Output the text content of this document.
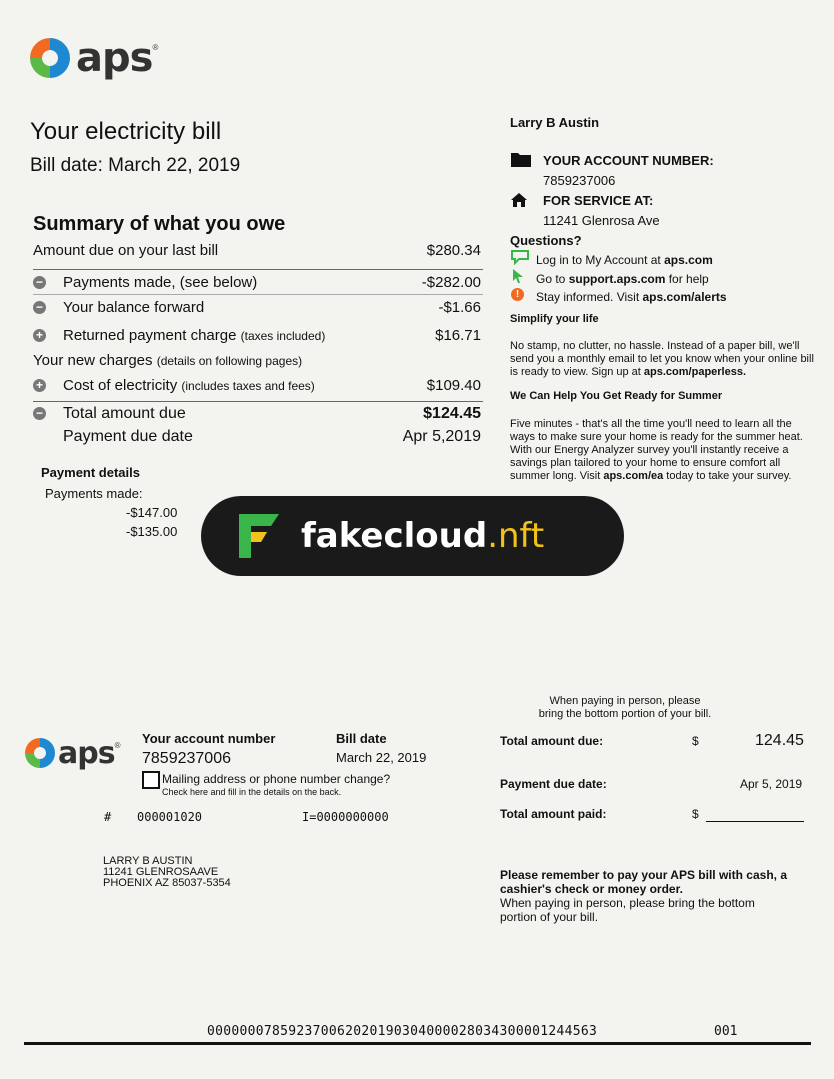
aps ®
Your electricity bill
Bill date: March 22, 2019
Summary of what you owe
Amount due on your last bill	$280.34
− Payments made, (see below)	-$282.00
− Your balance forward	-$1.66
+ Returned payment charge (taxes included)	$16.71
Your new charges (details on following pages)
+ Cost of electricity (includes taxes and fees)	$109.40
− Total amount due	$124.45
Payment due date	Apr 5,2019
Payment details
Payments made:
-$147.00
-$135.00	fakecloud.nft
Larry B Austin
YOUR ACCOUNT NUMBER:
7859237006
FOR SERVICE AT:
11241 Glenrosa Ave
Questions?
Log in to My Account at aps.com
Go to support.aps.com for help
!	Stay informed. Visit aps.com/alerts
Simplify your life
No stamp, no clutter, no hassle. Instead of a paper bill, we'll send you a monthly email to let you know when your online bill is ready to view. Sign up at aps.com/paperless.
We Can Help You Get Ready for Summer
Five minutes - that's all the time you'll need to learn all the ways to make sure your home is ready for the summer heat. With our Energy Analyzer survey you'll instantly receive a savings plan tailored to your home to ensure comfort all summer long. Visit aps.com/ea today to take your survey.
When paying in person, please
bring the bottom portion of your bill.
aps ® Your account number
7859237006
Bill date
March 22, 2019
Mailing address or phone number change?
Check here and fill in the details on the back.
# 000001020	I=0000000000
LARRY B AUSTIN
11241 GLENROSAAVE
PHOENIX AZ 85037-5354
Total amount due:	$	124.45
Payment due date:	Apr 5, 2019
Total amount paid:	$
Please remember to pay your APS bill with cash, a cashier's check or money order.
When paying in person, please bring the bottom portion of your bill.
00000007859237006202019030400002803430000124456З	001
